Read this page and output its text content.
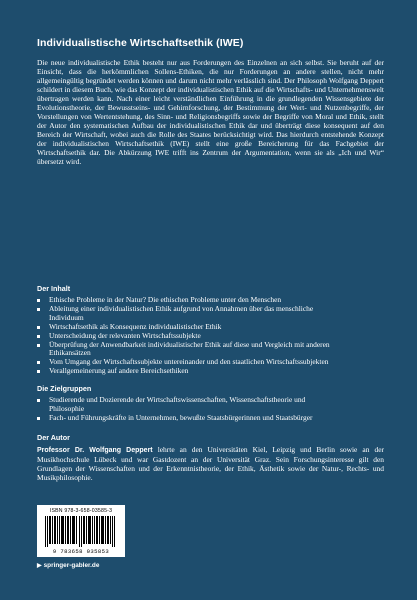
Individualistische Wirtschaftsethik (IWE)

Die neue individualistische Ethik besteht nur aus Forderungen des Einzelnen an sich selbst. Sie beruht auf der Einsicht, dass die herkömmlichen Sollens-Ethiken, die nur Forderungen an andere stellen, nicht mehr allgemeingültig begründet werden können und darum nicht mehr verlässlich sind. Der Philosoph Wolfgang Deppert schildert in diesem Buch, wie das Konzept der individualistischen Ethik auf die Wirtschafts- und Unternehmenswelt übertragen werden kann. Nach einer leicht verständlichen Einführung in die grundlegenden Wissensgebiete der Evolutionstheorie, der Bewusstseins- und Gehirnforschung, der Bestimmung der Wert- und Nutzenbegriffe, der Vorstellungen von Wertentstehung, des Sinn- und Religionsbegriffs sowie der Begriffe von Moral und Ethik, stellt der Autor den systematischen Aufbau der individualistischen Ethik dar und überträgt diese konsequent auf den Bereich der Wirtschaft, wobei auch die Rolle des Staates berücksichtigt wird. Das hierdurch entstehende Konzept der individualistischen Wirtschaftsethik (IWE) stellt eine große Bereicherung für das Fachgebiet der Wirtschaftsethik dar. Die Abkürzung IWE trifft ins Zentrum der Argumentation, wenn sie als „Ich und Wir“ übersetzt wird.

Der Inhalt
Ethische Probleme in der Natur? Die ethischen Probleme unter den Menschen
Ableitung einer individualistischen Ethik aufgrund von Annahmen über das menschliche Individuum
Wirtschaftsethik als Konsequenz individualistischer Ethik
Unterscheidung der relevanten Wirtschaftssubjekte
Überprüfung der Anwendbarkeit individualistischer Ethik auf diese und Vergleich mit anderen Ethikansätzen
Vom Umgang der Wirtschaftssubjekte untereinander und den staatlichen Wirtschaftssubjekten
Verallgemeinerung auf andere Bereichsethiken
Die Zielgruppen
Studierende und Dozierende der Wirtschaftswissenschaften, Wissenschaftstheorie und Philosophie
Fach- und Führungskräfte in Unternehmen, bewußte Staatsbürgerinnen und Staatsbürger
Der Autor

Professor Dr. Wolfgang Deppert lehrte an den Universitäten Kiel, Leipzig und Berlin sowie an der Musikhochschule Lübeck und war Gastdozent an der Universität Graz. Sein Forschungsinteresse gilt den Grundlagen der Wissenschaften und der Erkenntnistheorie, der Ethik, Ästhetik sowie der Natur-, Rechts- und Musikphilosophie.

ISBN 978-3-658-03585-3
9 783658 035853
▶ springer-gabler.de
